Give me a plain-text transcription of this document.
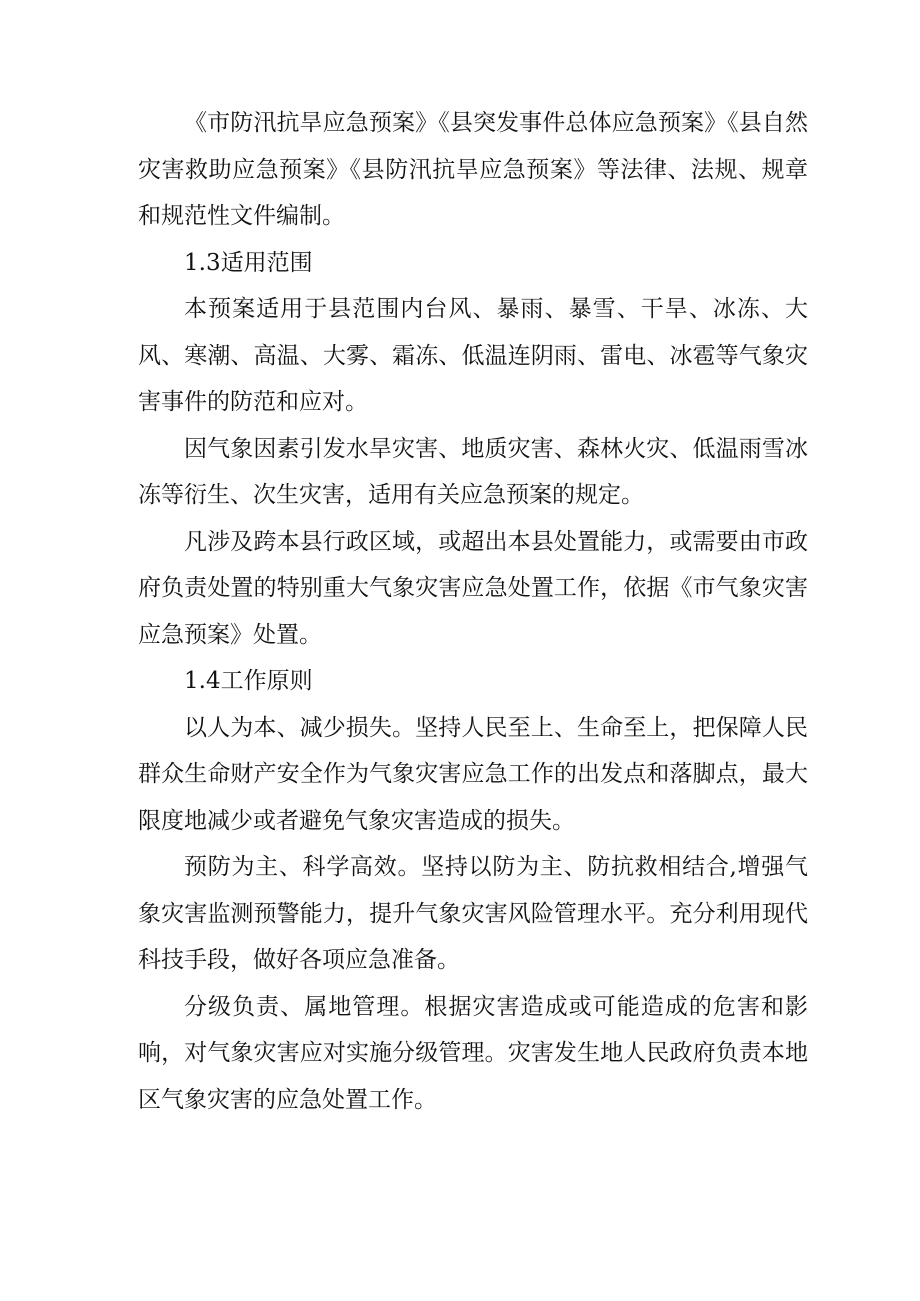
《市防汛抗旱应急预案》《县突发事件总体应急预案》《县自然灾害救助应急预案》《县防汛抗旱应急预案》等法律、法规、规章和规范性文件编制。

1.3适用范围

本预案适用于县范围内台风、暴雨、暴雪、干旱、冰冻、大风、寒潮、高温、大雾、霜冻、低温连阴雨、雷电、冰雹等气象灾害事件的防范和应对。

因气象因素引发水旱灾害、地质灾害、森林火灾、低温雨雪冰冻等衍生、次生灾害，适用有关应急预案的规定。

凡涉及跨本县行政区域，或超出本县处置能力，或需要由市政府负责处置的特别重大气象灾害应急处置工作，依据《市气象灾害应急预案》处置。

1.4工作原则

以人为本、减少损失。坚持人民至上、生命至上，把保障人民群众生命财产安全作为气象灾害应急工作的出发点和落脚点，最大限度地减少或者避免气象灾害造成的损失。

预防为主、科学高效。坚持以防为主、防抗救相结合,增强气象灾害监测预警能力，提升气象灾害风险管理水平。充分利用现代科技手段，做好各项应急准备。

分级负责、属地管理。根据灾害造成或可能造成的危害和影响，对气象灾害应对实施分级管理。灾害发生地人民政府负责本地区气象灾害的应急处置工作。
